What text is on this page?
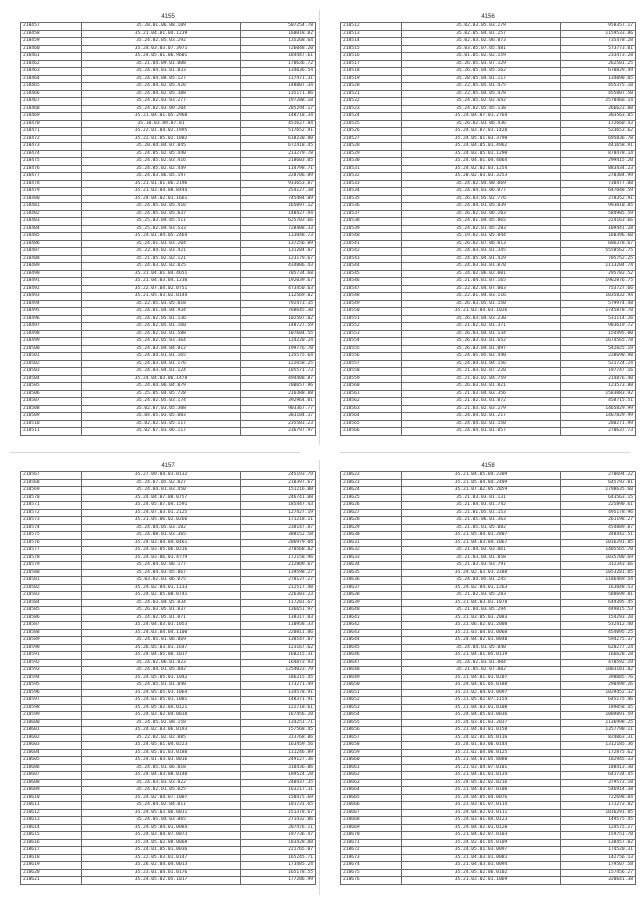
4155
218457	35.20.01.06.08.109	507254.78
218458	35.21.04.01.04.1239	160018.02
218459	35.24.02.05.03.292	135268.64
218460	35.24.03.03.07.3971	726048.20
218461	35.24.05.01.06.9601	184447.61
218462	35.21.04.09.01.008	170636.72
218463	35.24.04.03.01.033	134036.54
218464	35.24.04.08.05.127	117471.31
218465	35.24.04.02.05.426	148807.34
218466	35.24.04.02.05.308	135171.86
218467	35.24.02.03.03.277	197208.18
218468	35.24.02.03.09.204	285294.17
218469	35.21.04.01.05.2960	148718.34
218470	35.10.03.09.07.81	451627.84
218471	35.22.01.04.02.1995	517652.91
218472	35.22.01.05.02.1082	618230.80
218473	35.20.04.04.07.045	672418.45
218474	35.24.05.02.05.440	213279.78
218475	35.24.05.02.03.416	218603.05
218476	35.24.05.02.02.449	114798.71
218477	35.24.03.06.05.197	228786.89
218478	35.21.01.01.06.2196	933653.87
218479	35.21.03.04.08.8444	254127.38
218480	35.24.04.02.01.1661	745484.09
218481	35.24.05.03.05.416	165097.12
218482	35.24.05.03.05.037	140427.94
218483	35.25.03.04.05.511	625703.66
218484	35.25.02.04.03.533	728408.33
218485	35.24.01.04.05.2464	113048.73
218486	35.24.01.03.03.204	137256.09
218487	35.22.04.02.03.421	131204.87
218488	35.21.05.02.02.121	123179.67
218489	35.24.03.02.02.025	434806.43
218490	35.21.04.01.04.4651	705734.68
218491	35.21.04.03.04.1230	192039.67
218492	35.22.07.04.02.0751	473450.63
218493	35.21.05.03.02.0144	112569.02
218494	35.22.05.03.05.018	792473.35
218495	35.24.01.04.04.934	768645.30
218496	35.24.02.05.01.136	102507.02
218497	35.24.02.05.01.160	148727.59
218498	35.24.02.03.01.588	107604.55
218499	35.24.02.05.03.364	124220.24
218500	35.24.03.04.04.012	199776.70
218501	35.24.04.01.01.165	135575.64
218502	35.24.03.04.01.176	122658.25
218503	35.24.03.04.01.124	105571.73
218504	35.24.04.03.06.1478	494408.87
218505	35.24.04.06.04.079	700657.96
218506	35.25.05.04.05.728	216388.88
218507	35.24.02.05.03.174	392964.01
218508	35.02.07.03.05.308	903367.77
218509	35.04.05.03.05.003	303184.37
218510	35.02.02.03.05.117	235503.23
218511	35.02.07.03.06.117	236797.97
4156
218512	35.02.03.05.03.279	958357.17
218513	35.02.05.04.01.257	1159533.86
218514	35.02.03.02.06.073	735478.28
218515	35.03.05.07.05.481	573773.01
218516	35.01.05.02.02.159	233473.28
218517	35.26.05.03.07.129	262501.25
218518	35.26.05.04.05.162	670829.49
218519	35.28.05.04.01.117	134090.05
218520	35.22.05.05.01.475	455375.18
218521	35.22.05.04.05.478	455807.50
218522	35.24.05.02.02.642	2570466.14
218523	35.24.02.05.05.138	266623.88
218524	35.24.04.07.01.2764	303563.05
218525	35.26.02.03.06.436	172660.43
218526	35.24.03.07.01.1428	523653.62
218527	35.24.05.01.03.3798	695836.70
218528	35.24.04.05.01.4962	441658.91
218529	35.24.03.05.01.1290	878478.14
218530	35.24.04.01.04.4064	299415.20
218531	35.24.02.02.03.1254	883434.23
218532	35.20.02.03.03.3253	270304.99
218533	35.24.02.04.08.069	730477.08
218534	35.24.04.03.06.077	647048.59
218535	35.26.03.05.02.776	278352.91
218536	35.24.04.01.05.039	993010.85
218537	35.26.02.03.06.203	584905.59
218538	35.24.01.04.05.065	224163.66
218539	35.24.02.01.05.283	109441.28
218540	35.19.02.03.05.044	160396.60
218541	35.26.02.07.06.013	606378.67
218542	35.24.03.03.01.345	5558562.75
218543	35.24.05.04.01.429	705752.25
218544	35.24.03.03.01.070	1113204.74
218545	35.24.02.06.02.001	295783.52
218546	35.21.04.01.07.165	1962876.75
218547	35.22.02.04.07.003	753727.66
218548	35.22.01.04.03.116	1035832.94
218549	35.26.03.05.01.150	579974.48
218550	35.21.03.04.03.1026	1745878.70
218551	35.26.03.04.03.230	531114.26
218552	35.21.02.02.01.371	983619.72
218553	35.26.03.04.01.134	154495.00
218554	35.26.03.03.01.652	1674565.78
218555	35.26.03.04.01.097	542825.19
218556	35.24.05.05.02.440	228690.98
218557	35.24.04.01.04.156	521724.24
218558	35.21.03.02.07.220	197747.16
218559	35.21.03.02.04.759	214876.40
218560	35.26.03.03.01.021	123573.80
218561	35.21.03.04.03.356	1583083.92
218562	35.21.02.03.01.072	458715.51
218563	35.21.03.02.03.279	1465829.99
218564	35.24.04.02.01.217	1467829.99
218565	35.24.04.02.01.150	280271.99
218566	35.24.04.01.01.057	270637.73
4157
218567	35.27.09.04.01.0132	245193.79
218568	35.24.07.05.02.027	210397.67
218569	35.24.04.01.03.450	151216.00
218570	35.24.04.07.08.0757	246741.08
218571	35.24.05.07.04.1591	185447.43
218572	35.24.07.03.01.2125	127427.19
218573	35.21.05.06.02.0266	171218.11
218574	35.24.04.05.03.102	238147.87
218575	35.24.08.01.03.365	308152.58
218576	35.24.03.04.04.0461	206979.04
218577	35.24.03.05.06.0216	370568.82
218578	35.24.03.06.01.4779	172158.96
218579	35.24.04.02.06.177	212809.67
218580	35.24.04.03.05.067	139598.27
218581	35.03.02.03.06.075	270127.27
218582	35.24.02.04.01.1133	212517.48
218583	35.24.02.05.08.0741	226303.23
218584	35.24.03.04.05.034	117281.67
218585	35.26.03.05.01.037	136651.97
218586	35.24.02.05.01.071	138317.03
218587	35.24.04.03.01.1053	110958.33
218588	35.24.03.04.04.1100	220811.86
218589	35.24.05.01.06.069	138547.87
218590	35.26.05.03.01.1647	123167.62
218591	35.24.04.05.06.1017	168215.31
218592	35.24.02.06.01.023	164873.93
218593	35.24.04.01.05.082	1254023.79
218594	35.24.05.05.01.1042	186315.45
218595	35.24.05.01.01.040	173271.49
218596	35.24.05.05.01.1064	134578.91
218597	35.24.03.05.01.1001	148371.91
218598	35.24.05.02.04.0121	122718.61
218599	35.24.03.02.04.0018	167456.20
218600	35.24.05.02.08.158	134251.71
218601	35.24.02.03.06.0193	157568.45
218602	35.22.02.02.02.085	313768.86
218603	35.24.05.01.04.0223	163459.56
218604	35.24.05.01.03.0188	111246.89
218605	35.24.01.03.03.0016	249127.36
218606	35.24.05.01.06.018	310436.06
218607	35.24.04.03.08.0140	189524.28
218608	35.24.03.03.03.022	240437.35
218609	35.24.02.01.05.025	163217.31
218610	35.24.02.04.07.1007	150475.69
218611	35.24.04.02.04.011	181731.65
218612	35.24.05.03.06.0011	151378.67
218613	35.24.05.04.03.065	271432.86
218614	35.24.05.04.01.0084	207476.11
218615	35.24.03.04.07.0073	197736.47
218616	35.24.05.02.08.0068	183428.08
218617	35.24.01.05.01.0036	221765.07
218618	35.22.05.03.01.0147	165245.71
218619	35.26.02.04.04.0013	173485.24
218620	35.23.01.04.01.0176	165178.55
218621	35.24.05.02.05.1017	177286.99
4158
218622	35.21.04.05.04.2309	270694.22
218623	35.21.05.04.04.2409	645792.01
218624	35.21.07.02.05.2059	1798635.60
218625	35.21.03.03.01.131	643563.15
218626	35.21.04.03.01.742	225890.61
218627	35.21.01.05.01.153	495178.96
218628	35.21.05.06.01.363	261198.27
218629	35.21.05.01.05.082	454889.87
218630	35.21.05.04.01.2807	348442.51
218631	35.21.04.03.04.1067	1016291.85
218632	35.21.04.03.03.061	1405565.70
218633	35.21.03.04.01.858	1035700.69
218634	35.21.03.03.03.791	312343.66
218635	35.24.02.03.01.3388	1053281.05
218636	35.24.04.05.01.245	1186469.54
218637	35.24.02.04.01.1263	163848.53
218638	35.21.02.03.05.283	588699.81
218639	35.21.04.03.01.1078	649395.45
218640	35.21.04.03.05.294	449815.53
218641	35.21.03.05.03.2083	154293.20
218642	35.21.06.02.01.2008	532412.40
218643	35.21.03.04.01.0068	454095.25
218644	35.24.04.02.01.0040	594275.37
218645	35.24.04.01.05.040	620277.24
218646	35.21.04.01.05.0119	166628.28
218647	35.24.02.03.01.004	470592.29
218648	35.21.05.02.07.002	1003101.82
218649	35.21.04.01.01.0207	398085.76
218650	35.24.04.01.05.0188	290499.26
218651	35.21.02.04.01.0097	1029452.32
218652	35.21.05.02.07.1154	645175.46
218653	35.21.04.03.01.0108	189058.45
218654	35.24.04.05.01.0036	1009891.59
218655	35.24.03.01.03.2037	1136998.25
218656	35.21.04.03.01.0158	1357790.11
218657	35.24.02.01.05.0116	824063.31
218658	35.24.01.03.06.0144	1312185.36
218659	35.21.02.04.06.0125	172875.62
218660	35.21.04.03.05.0088	182945.33
218661	35.21.03.04.07.0101	188413.30
218662	35.21.04.01.01.0134	641734.45
218663	35.24.05.02.02.0216	379573.18
218664	35.21.04.03.07.0100	546914.38
218665	35.24.04.05.04.0076	722698.84
218666	35.21.03.01.07.0114	171273.82
218667	35.24.04.02.01.0111	1016291.85
218668	35.24.03.01.04.0123	149575.45
218669	35.24.04.02.01.0120	124575.27
218670	35.21.04.02.07.0103	159751.70
218671	35.24.02.01.05.0109	138457.82
218672	35.24.05.01.03.0097	174520.31
218673	35.21.04.03.01.0081	142756.13
218674	35.21.04.03.01.0094	179507.58
218675	35.24.05.02.06.0102	157456.27
218676	35.21.03.02.01.1069	320641.38
